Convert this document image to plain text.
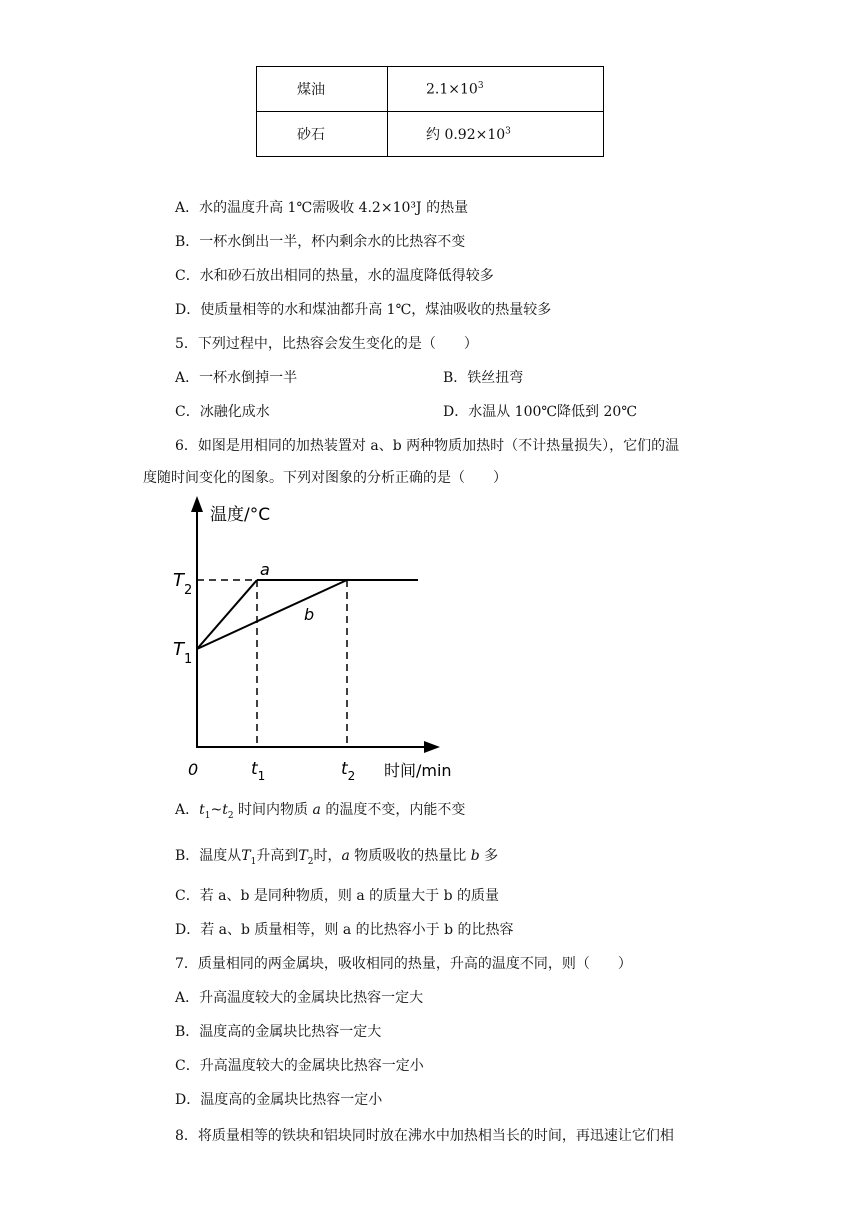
煤油	$2.1\times 10^3$
砂石	约 $0.92\times 10^3$
A．水的温度升高 1℃需吸收 4.2×10³J 的热量
B．一杯水倒出一半，杯内剩余水的比热容不变
C．水和砂石放出相同的热量，水的温度降低得较多
D．使质量相等的水和煤油都升高 1℃，煤油吸收的热量较多
5．下列过程中，比热容会发生变化的是（　　）
A．一杯水倒掉一半	B．铁丝扭弯
C．冰融化成水	D．水温从 100℃降低到 20℃
6．如图是用相同的加热装置对 a、b 两种物质加热时（不计热量损失），它们的温
度随时间变化的图象。下列对图象的分析正确的是（　　）
温度/°C
时间/min
0
$T_2$
$T_1$
$t_1$	$t_2$
a
b
A．$t_1\sim t_2$ 时间内物质 a 的温度不变，内能不变
B．温度从$T_1$升高到$T_2$时，a 物质吸收的热量比 b 多
C．若 a、b 是同种物质，则 a 的质量大于 b 的质量
D．若 a、b 质量相等，则 a 的比热容小于 b 的比热容
7．质量相同的两金属块，吸收相同的热量，升高的温度不同，则（　　）
A．升高温度较大的金属块比热容一定大
B．温度高的金属块比热容一定大
C．升高温度较大的金属块比热容一定小
D．温度高的金属块比热容一定小
8．将质量相等的铁块和铝块同时放在沸水中加热相当长的时间，再迅速让它们相
